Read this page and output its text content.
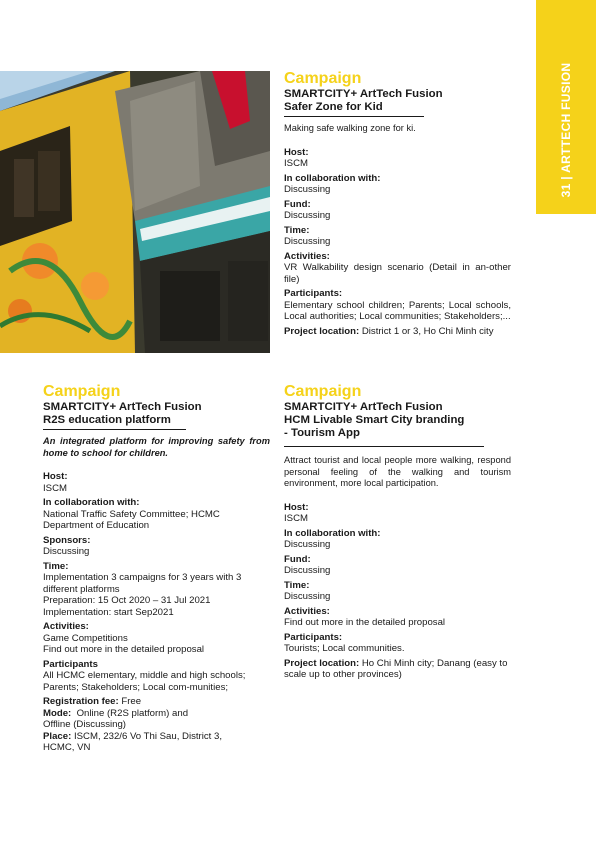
31 | ARTTECH FUSION
Campaign
SMARTCITY+ ArtTech Fusion
Safer Zone for Kid
Making safe walking zone for ki.
Host:
ISCM
In collaboration with:
Discussing
Fund:
Discussing
Time:
Discussing
Activities:
VR Walkability design scenario (Detail in an-other file)
Participants:
Elementary school children; Parents; Local schools, Local authorities; Local communities; Stakeholders;...
Project location: District 1 or 3, Ho Chi Minh city
Campaign
SMARTCITY+ ArtTech Fusion
R2S education platform
An integrated platform for improving safety from home to school for children.
Host:
ISCM
In collaboration with:
National Traffic Safety Committee; HCMC Department of Education
Sponsors:
Discussing
Time:
Implementation 3 campaigns for 3 years with 3 different platforms
Preparation: 15 Oct 2020 – 31 Jul 2021
Implementation: start Sep2021
Activities:
Game Competitions
Find out more in the detailed proposal
Participants
All HCMC elementary, middle and high schools; Parents; Stakeholders; Local com-munities;
Registration fee: Free
Mode: Online (R2S platform) and
Offline (Discussing)
Place: ISCM, 232/6 Vo Thi Sau, District 3, HCMC, VN
Campaign
SMARTCITY+ ArtTech Fusion
HCM Livable Smart City branding
- Tourism App
Attract tourist and local people more walking, respond personal feeling of the walking and tourism environment, more local participation.
Host:
ISCM
In collaboration with:
Discussing
Fund:
Discussing
Time:
Discussing
Activities:
Find out more in the detailed proposal
Participants:
Tourists; Local communities.
Project location: Ho Chi Minh city; Danang (easy to scale up to other provinces)
